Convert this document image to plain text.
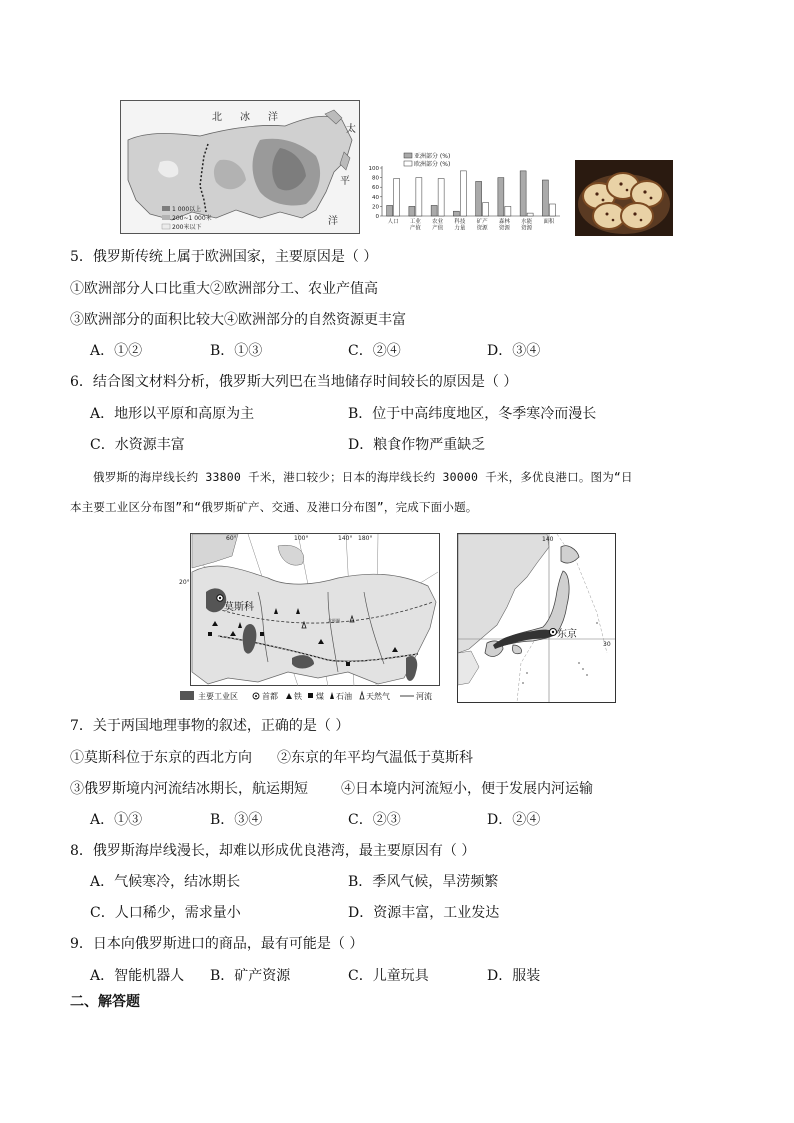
北 冰 洋
太
平
洋
1 000以上
200~1 000米
200米以下
0
20
40
60
80
100
人口 工业
产值
农业
产值
科技
力量
矿产
资源
森林
资源
水能
资源
面积
亚洲部分 (%)
欧洲部分 (%)
5．俄罗斯传统上属于欧洲国家，主要原因是（ ）
①欧洲部分人口比重大②欧洲部分工、农业产值高
③欧洲部分的面积比较大④欧洲部分的自然资源更丰富
A．①②	B．①③	C．②④	D．③④
6．结合图文材料分析，俄罗斯大列巴在当地储存时间较长的原因是（ ）
A．地形以平原和高原为主	B．位于中高纬度地区，冬季寒冷而漫长
C．水资源丰富	D．粮食作物严重缺乏
俄罗斯的海岸线长约 33800 千米，港口较少；日本的海岸线长约 30000 千米，多优良港口。图为“日
本主要工业区分布图”和“俄罗斯矿产、交通、及港口分布图”，完成下面小题。
60°	100°	140° 180°
20°
莫斯科
北极圈
主要工业区	首都 铁 煤 石油 天然气	河流
东京
140
30
7．关于两国地理事物的叙述，正确的是（ ）
①莫斯科位于东京的西北方向 ②东京的年平均气温低于莫斯科
③俄罗斯境内河流结冰期长，航运期短 ④日本境内河流短小，便于发展内河运输
A．①③	B．③④	C．②③	D．②④
8．俄罗斯海岸线漫长，却难以形成优良港湾，最主要原因有（ ）
A．气候寒冷，结冰期长	B．季风气候，旱涝频繁
C．人口稀少，需求量小	D．资源丰富，工业发达
9．日本向俄罗斯进口的商品，最有可能是（ ）
A．智能机器人 B．矿产资源	C．儿童玩具	D．服装
二、解答题
